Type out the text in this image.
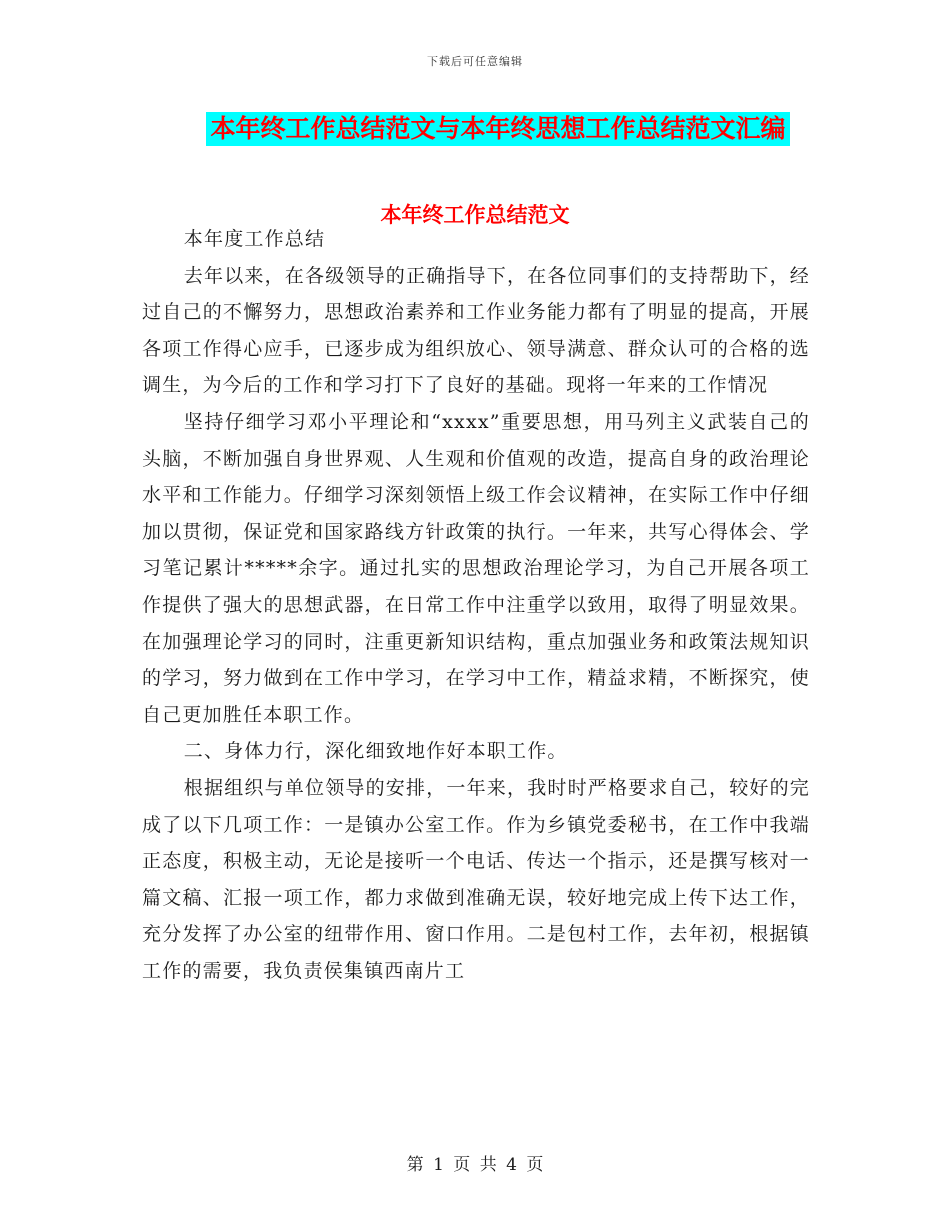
下载后可任意编辑
本年终工作总结范文与本年终思想工作总结范文汇编
本年终工作总结范文

本年度工作总结

去年以来，在各级领导的正确指导下，在各位同事们的支持帮助下，经过自己的不懈努力，思想政治素养和工作业务能力都有了明显的提高，开展各项工作得心应手，已逐步成为组织放心、领导满意、群众认可的合格的选调生，为今后的工作和学习打下了良好的基础。现将一年来的工作情况

坚持仔细学习邓小平理论和“xxxx”重要思想，用马列主义武装自己的头脑，不断加强自身世界观、人生观和价值观的改造，提高自身的政治理论水平和工作能力。仔细学习深刻领悟上级工作会议精神，在实际工作中仔细加以贯彻，保证党和国家路线方针政策的执行。一年来，共写心得体会、学习笔记累计*****余字。通过扎实的思想政治理论学习，为自己开展各项工作提供了强大的思想武器，在日常工作中注重学以致用，取得了明显效果。在加强理论学习的同时，注重更新知识结构，重点加强业务和政策法规知识的学习，努力做到在工作中学习，在学习中工作，精益求精，不断探究，使自己更加胜任本职工作。

二、身体力行，深化细致地作好本职工作。

根据组织与单位领导的安排，一年来，我时时严格要求自己，较好的完成了以下几项工作：一是镇办公室工作。作为乡镇党委秘书，在工作中我端正态度，积极主动，无论是接听一个电话、传达一个指示，还是撰写核对一篇文稿、汇报一项工作，都力求做到准确无误，较好地完成上传下达工作，充分发挥了办公室的纽带作用、窗口作用。二是包村工作，去年初，根据镇工作的需要，我负责侯集镇西南片工

第 1 页 共 4 页
